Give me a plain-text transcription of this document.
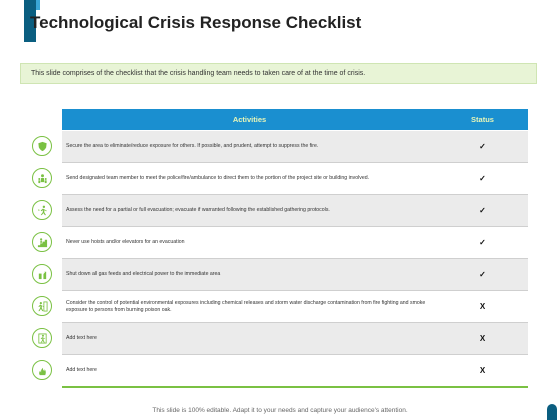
Technological Crisis Response Checklist
This slide comprises of the checklist that the crisis handling team needs to taken care of at the time of crisis.
Activities	Status
Secure the area to eliminate/reduce exposure for others. If possible, and prudent, attempt to suppress the fire.	✓
Send designated team member to meet the police/fire/ambulance to direct them to the portion of the project site or building involved.	✓
Assess the need for a partial or full evacuation; evacuate if warranted following the established gathering protocols.	✓
Never use hoists and/or elevators for an evacuation	✓
Shut down all gas feeds and electrical power to the immediate area	✓
Consider the control of potential environmental exposures including chemical releases and storm water discharge contamination from fire fighting and smoke exposure to persons from burning poison oak.	X
Add text here	X
Add text here	X
This slide is 100% editable. Adapt it to your needs and capture your audience's attention.
